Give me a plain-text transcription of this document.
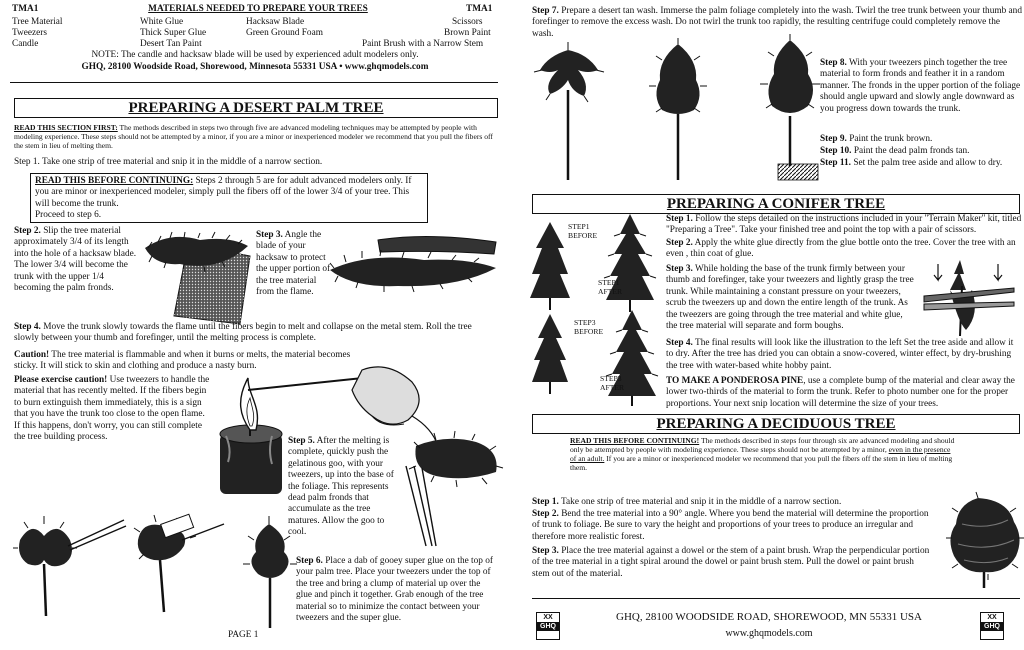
TMA1	MATERIALS NEEDED TO PREPARE YOUR TREES	TMA1
Tree Material	White Glue	Hacksaw Blade	Scissors
Tweezers	Thick Super Glue	Green Ground Foam	Brown Paint
Candle	Desert Tan Paint	Paint Brush with a Narrow Stem
NOTE: The candle and hacksaw blade will be used by experienced adult modelers only.
GHQ, 28100 Woodside Road, Shorewood, Minnesota 55331 USA • www.ghqmodels.com
PREPARING A DESERT PALM TREE
READ THIS SECTION FIRST: The methods described in steps two through five are advanced modeling techniques may be attempted by people with modeling experience. These steps should not be attempted by a minor, if you are a minor or inexperienced modeler we recommend that you pull the fibers off the stem in lieu of melting them.
Step 1. Take one strip of tree material and snip it in the middle of a narrow section.
READ THIS BEFORE CONTINUING: Steps 2 through 5 are for adult advanced modelers only. If you are minor or inexperienced modeler, simply pull the fibers off of the lower 3/4 of your tree. This will become the trunk.
Proceed to step 6.
Step 2. Slip the tree material approximately 3/4 of its length into the hole of a hacksaw blade. The lower 3/4 will become the trunk with the upper 1/4 becoming the palm fronds.
Step 3. Angle the blade of your hacksaw to protect the upper portion of the tree material from the flame.
Step 4. Move the trunk slowly towards the flame until the fibers begin to melt and collapse on the metal stem. Roll the tree slowly between your thumb and forefinger, until the melting process is complete.
Caution! The tree material is flammable and when it burns or melts, the material becomes sticky. It will stick to skin and clothing and produce a nasty burn.
Please exercise caution! Use tweezers to handle the material that has recently melted. If the fibers begin to burn extinguish them immediately, this is a sign that you have the trunk too close to the open flame. If this happens, don't worry, you can still complete the tree building process.	Step 5. After the melting is complete, quickly push the gelatinous goo, with your tweezers, up into the base of the foliage. This represents dead palm fronds that accumulate as the tree matures. Allow the goo to cool.
Step 6. Place a dab of gooey super glue on the top of your palm tree. Place your tweezers under the top of the tree and bring a clump of material up over the glue and pinch it together. Grab enough of the tree material so to minimize the contact between your tweezers and the super glue.
PAGE 1
Step 7. Prepare a desert tan wash. Immerse the palm foliage completely into the wash. Twirl the tree trunk between your thumb and forefinger to remove the excess wash. Do not twirl the trunk too rapidly, the resulting centrifuge could completely remove the wash.
Step 8. With your tweezers pinch together the tree material to form fronds and feather it in a random manner. The fronds in the upper portion of the foliage should angle upward and slowly angle downward as you progress down towards the trunk.
Step 9. Paint the trunk brown.
Step 10. Paint the dead palm fronds tan.
Step 11. Set the palm tree aside and allow to dry.
PREPARING A CONIFER TREE
STEP1
BEFORE
STEP1
AFTER
STEP3
BEFORE
STEP3
AFTER
Step 1. Follow the steps detailed on the instructions included in your "Terrain Maker" kit, titled "Preparing a Tree". Take your finished tree and point the top with a pair of scissors.
Step 2. Apply the white glue directly from the glue bottle onto the tree. Cover the tree with an even , thin coat of glue.
Step 3. While holding the base of the trunk firmly between your thumb and forefinger, take your tweezers and lightly grasp the tree trunk. While maintaining a constant pressure on your tweezers, scrub the tweezers up and down the entire length of the trunk. As the tweezers are going through the tree material and white glue, the tree material will separate and form boughs.
Step 4. The final results will look like the illustration to the left Set the tree aside and allow it to dry. After the tree has dried you can obtain a snow-covered, winter effect, by dry-brushing the tree with water-based white hobby paint.
TO MAKE A PONDEROSA PINE, use a complete bump of the material and clear away the lower two-thirds of the material to form the trunk. Refer to photo number one for the proper proportions. Your next snip location will determine the size of your trees.
PREPARING A DECIDUOUS TREE
READ THIS BEFORE CONTINUING! The methods described in steps four through six are advanced modeling and should only be attempted by people with modeling experience. These steps should not be attempted by a minor, even in the presence of an adult. If you are a minor or inexperienced modeler we recommend that you pull the fibers off the stem in lieu of melting them.
Step 1. Take one strip of tree material and snip it in the middle of a narrow section.
Step 2. Bend the tree material into a 90° angle. Where you bend the material will determine the proportion of trunk to foliage. Be sure to vary the height and proportions of your trees to produce an irregular and therefore more realistic forest.
Step 3. Place the tree material against a dowel or the stem of a paint brush. Wrap the perpendicular portion of the tree material in a tight spiral around the dowel or paint brush stem. Pull the dowel or paint brush stem out of the material.
XX
GHQ
GHQ, 28100 WOODSIDE ROAD, SHOREWOOD, MN 55331 USA
www.ghqmodels.com
XX
GHQ
